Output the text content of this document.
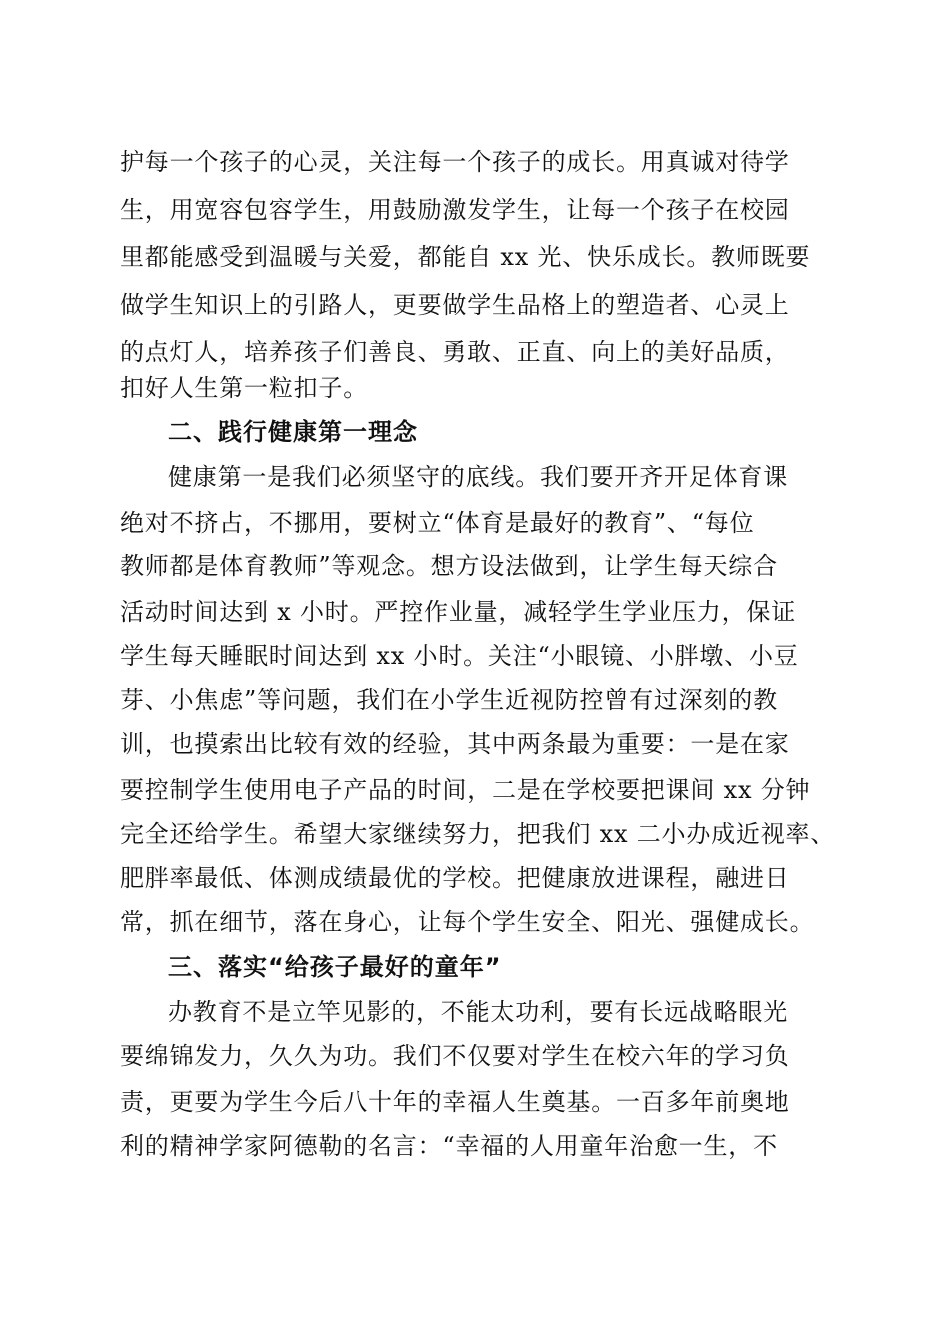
护每一个孩子的心灵，关注每一个孩子的成长。用真诚对待学
生，用宽容包容学生，用鼓励激发学生，让每一个孩子在校园
里都能感受到温暖与关爱，都能自 xx 光、快乐成长。教师既要
做学生知识上的引路人，更要做学生品格上的塑造者、心灵上
的点灯人，培养孩子们善良、勇敢、正直、向上的美好品质，
扣好人生第一粒扣子。
二、践行健康第一理念
健康第一是我们必须坚守的底线。我们要开齐开足体育课
绝对不挤占，不挪用，要树立“体育是最好的教育”、“每位
教师都是体育教师”等观念。想方设法做到，让学生每天综合
活动时间达到 x 小时。严控作业量，减轻学生学业压力，保证
学生每天睡眠时间达到 xx 小时。关注“小眼镜、小胖墩、小豆
芽、小焦虑”等问题，我们在小学生近视防控曾有过深刻的教
训，也摸索出比较有效的经验，其中两条最为重要：一是在家
要控制学生使用电子产品的时间，二是在学校要把课间 xx 分钟
完全还给学生。希望大家继续努力，把我们 xx 二小办成近视率、
肥胖率最低、体测成绩最优的学校。把健康放进课程，融进日
常，抓在细节，落在身心，让每个学生安全、阳光、强健成长。
三、落实“给孩子最好的童年”
办教育不是立竿见影的，不能太功利，要有长远战略眼光
要绵锦发力，久久为功。我们不仅要对学生在校六年的学习负
责，更要为学生今后八十年的幸福人生奠基。一百多年前奥地
利的精神学家阿德勒的名言：“幸福的人用童年治愈一生，不
